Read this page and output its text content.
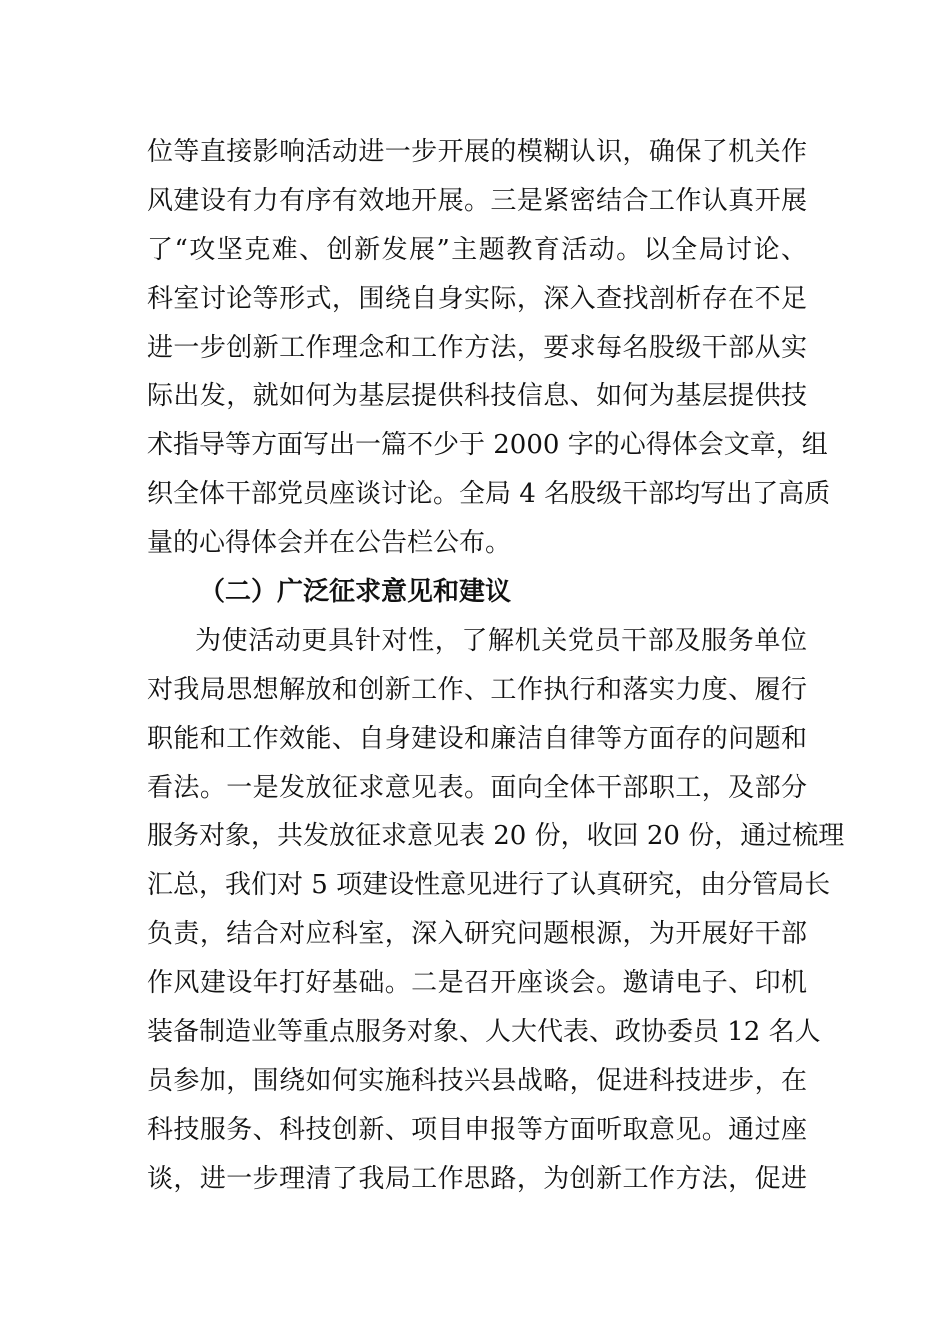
位等直接影响活动进一步开展的模糊认识，确保了机关作
风建设有力有序有效地开展。三是紧密结合工作认真开展
了“攻坚克难、创新发展”主题教育活动。以全局讨论、
科室讨论等形式，围绕自身实际，深入查找剖析存在不足
进一步创新工作理念和工作方法，要求每名股级干部从实
际出发，就如何为基层提供科技信息、如何为基层提供技
术指导等方面写出一篇不少于 2000 字的心得体会文章，组
织全体干部党员座谈讨论。全局 4 名股级干部均写出了高质
量的心得体会并在公告栏公布。
（二）广泛征求意见和建议
为使活动更具针对性，了解机关党员干部及服务单位
对我局思想解放和创新工作、工作执行和落实力度、履行
职能和工作效能、自身建设和廉洁自律等方面存的问题和
看法。一是发放征求意见表。面向全体干部职工，及部分
服务对象，共发放征求意见表 20 份，收回 20 份，通过梳理
汇总，我们对 5 项建设性意见进行了认真研究，由分管局长
负责，结合对应科室，深入研究问题根源，为开展好干部
作风建设年打好基础。二是召开座谈会。邀请电子、印机
装备制造业等重点服务对象、人大代表、政协委员 12 名人
员参加，围绕如何实施科技兴县战略，促进科技进步，在
科技服务、科技创新、项目申报等方面听取意见。通过座
谈，进一步理清了我局工作思路，为创新工作方法，促进
